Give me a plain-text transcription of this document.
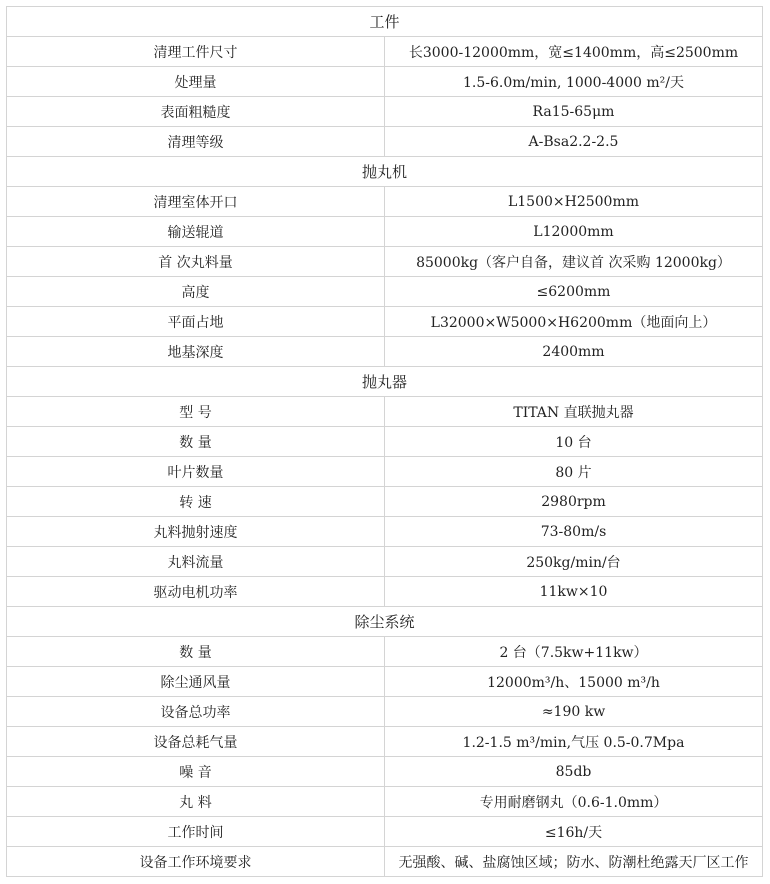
工件	
清理工件尺寸	长3000-12000mm，宽≤1400mm，高≤2500mm
处理量	1.5-6.0m/min, 1000-4000 m²/天
表面粗糙度	Ra15-65μm
清理等级	A-Bsa2.2-2.5
抛丸机	
清理室体开口	L1500×H2500mm
输送辊道	L12000mm
首 次丸料量	85000kg（客户自备，建议首 次采购 12000kg）
高度	≤6200mm
平面占地	L32000×W5000×H6200mm（地面向上）
地基深度	2400mm
抛丸器	
型 号	TITAN 直联抛丸器
数 量	10 台
叶片数量	80 片
转 速	2980rpm
丸料抛射速度	73-80m/s
丸料流量	250kg/min/台
驱动电机功率	11kw×10
除尘系统	
数 量	2 台（7.5kw+11kw）
除尘通风量	12000m³/h、15000 m³/h
设备总功率	≈190 kw
设备总耗气量	1.2-1.5 m³/min,气压 0.5-0.7Mpa
噪 音	85db
丸 料	专用耐磨钢丸（0.6-1.0mm）
工作时间	≤16h/天
设备工作环境要求	无强酸、碱、盐腐蚀区域；防水、防潮杜绝露天厂区工作
